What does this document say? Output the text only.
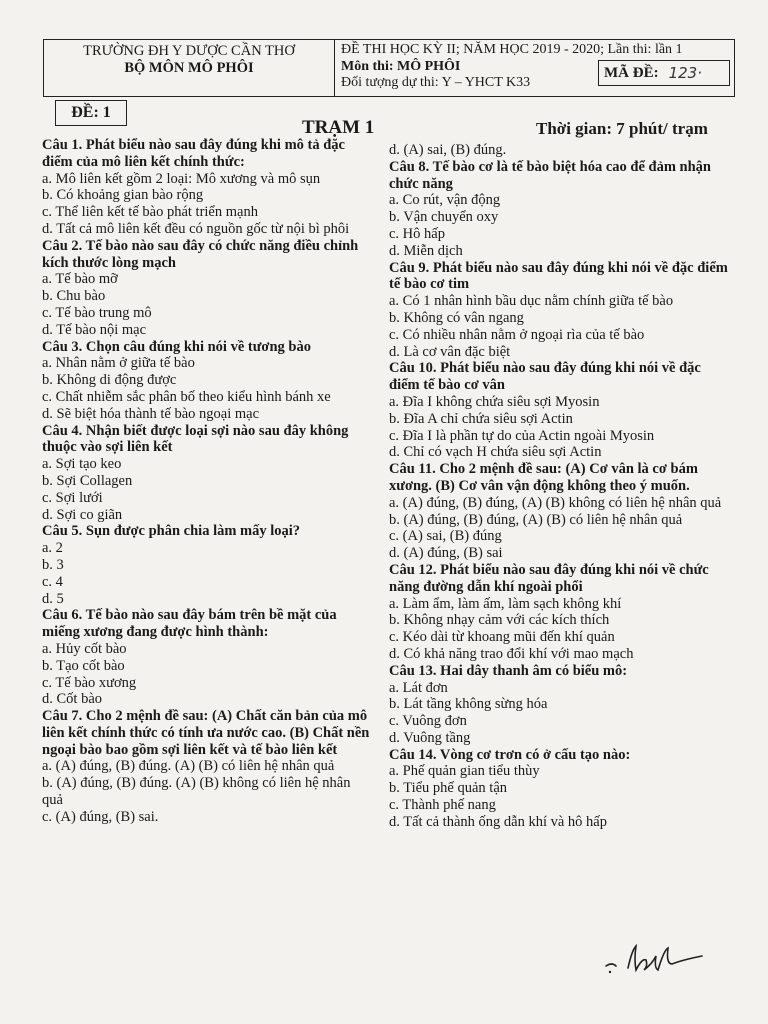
TRƯỜNG ĐH Y DƯỢC CẦN THƠ
BỘ MÔN MÔ PHÔI
ĐỀ THI HỌC KỲ II; NĂM HỌC 2019 - 2020; Lần thi: lần 1
Môn thi: MÔ PHÔI
Đối tượng dự thi: Y – YHCT K33
MÃ ĐỀ: 123·
ĐỀ: 1
TRẠM 1	Thời gian: 7 phút/ trạm
Câu 1. Phát biểu nào sau đây đúng khi mô tả đặc điểm của mô liên kết chính thức:
a. Mô liên kết gồm 2 loại: Mô xương và mô sụn
b. Có khoảng gian bào rộng
c. Thể liên kết tế bào phát triển mạnh
d. Tất cả mô liên kết đều có nguồn gốc từ nội bì phôi
Câu 2. Tế bào nào sau đây có chức năng điều chỉnh kích thước lòng mạch
a. Tế bào mỡ
b. Chu bào
c. Tế bào trung mô
d. Tế bào nội mạc
Câu 3. Chọn câu đúng khi nói về tương bào
a. Nhân nằm ở giữa tế bào
b. Không di động được
c. Chất nhiễm sắc phân bố theo kiểu hình bánh xe
d. Sẽ biệt hóa thành tế bào ngoại mạc
Câu 4. Nhận biết được loại sợi nào sau đây không thuộc vào sợi liên kết
a. Sợi tạo keo
b. Sợi Collagen
c. Sợi lưới
d. Sợi co giãn
Câu 5. Sụn được phân chia làm mấy loại?
a. 2
b. 3
c. 4
d. 5
Câu 6. Tế bào nào sau đây bám trên bề mặt của miếng xương đang được hình thành:
a. Hủy cốt bào
b. Tạo cốt bào
c. Tế bào xương
d. Cốt bào
Câu 7. Cho 2 mệnh đề sau: (A) Chất căn bản của mô liên kết chính thức có tính ưa nước cao. (B) Chất nền ngoại bào bao gồm sợi liên kết và tế bào liên kết
a. (A) đúng, (B) đúng. (A) (B) có liên hệ nhân quả
b. (A) đúng, (B) đúng. (A) (B) không có liên hệ nhân quả
c. (A) đúng, (B) sai.
d. (A) sai, (B) đúng.
Câu 8. Tế bào cơ là tế bào biệt hóa cao để đảm nhận chức năng
a. Co rút, vận động
b. Vận chuyển oxy
c. Hô hấp
d. Miễn dịch
Câu 9. Phát biểu nào sau đây đúng khi nói về đặc điểm tế bào cơ tim
a. Có 1 nhân hình bầu dục nằm chính giữa tế bào
b. Không có vân ngang
c. Có nhiều nhân nằm ở ngoại rìa của tế bào
d. Là cơ vân đặc biệt
Câu 10. Phát biểu nào sau đây đúng khi nói về đặc điểm tế bào cơ vân
a. Đĩa I không chứa siêu sợi Myosin
b. Đĩa A chỉ chứa siêu sợi Actin
c. Đĩa I là phần tự do của Actin ngoài Myosin
d. Chỉ có vạch H chứa siêu sợi Actin
Câu 11. Cho 2 mệnh đề sau: (A) Cơ vân là cơ bám xương. (B) Cơ vân vận động không theo ý muốn.
a. (A) đúng, (B) đúng, (A) (B) không có liên hệ nhân quả
b. (A) đúng, (B) đúng, (A) (B) có liên hệ nhân quả
c. (A) sai, (B) đúng
d. (A) đúng, (B) sai
Câu 12. Phát biểu nào sau đây đúng khi nói về chức năng đường dẫn khí ngoài phổi
a. Làm ẩm, làm ấm, làm sạch không khí
b. Không nhạy cảm với các kích thích
c. Kéo dài từ khoang mũi đến khí quản
d. Có khả năng trao đổi khí với mao mạch
Câu 13. Hai dây thanh âm có biểu mô:
a. Lát đơn
b. Lát tầng không sừng hóa
c. Vuông đơn
d. Vuông tầng
Câu 14. Vòng cơ trơn có ở cấu tạo nào:
a. Phế quản gian tiểu thùy
b. Tiểu phế quản tận
c. Thành phế nang
d. Tất cả thành ống dẫn khí và hô hấp
